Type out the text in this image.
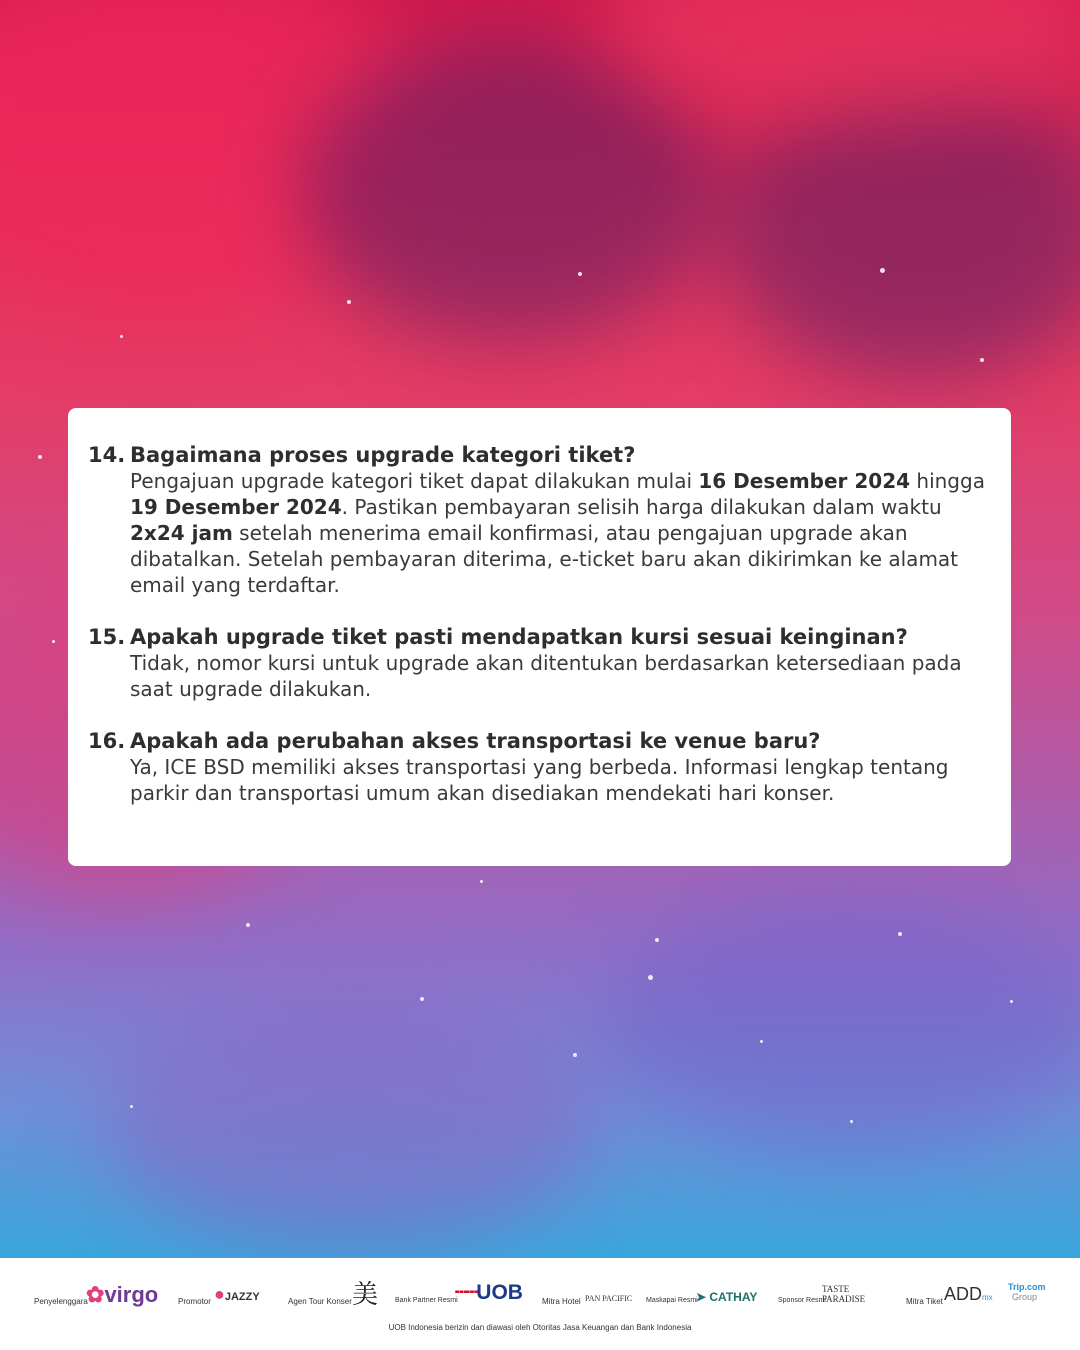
14. Bagaimana proses upgrade kategori tiket?
Pengajuan upgrade kategori tiket dapat dilakukan mulai 16 Desember 2024 hingga 19 Desember 2024. Pastikan pembayaran selisih harga dilakukan dalam waktu 2x24 jam setelah menerima email konfirmasi, atau pengajuan upgrade akan dibatalkan. Setelah pembayaran diterima, e-ticket baru akan dikirimkan ke alamat email yang terdaftar.
15. Apakah upgrade tiket pasti mendapatkan kursi sesuai keinginan?
Tidak, nomor kursi untuk upgrade akan ditentukan berdasarkan ketersediaan pada saat upgrade dilakukan.
16. Apakah ada perubahan akses transportasi ke venue baru?
Ya, ICE BSD memiliki akses transportasi yang berbeda. Informasi lengkap tentang parkir dan transportasi umum akan disediakan mendekati hari konser.
Penyelenggara
✿virgo Promotor ●JAZZY	Agen Tour Konser 美 Bank Partner Resmi
┄┄UOB Mitra Hotel PAN PACIFIC Maskapai Resmi
➤ CATHAY	Sponsor Resmi
TASTE PARADISE	Mitra Tiket ADDmx
Trip.com
Group
UOB Indonesia berizin dan diawasi oleh Otoritas Jasa Keuangan dan Bank Indonesia
